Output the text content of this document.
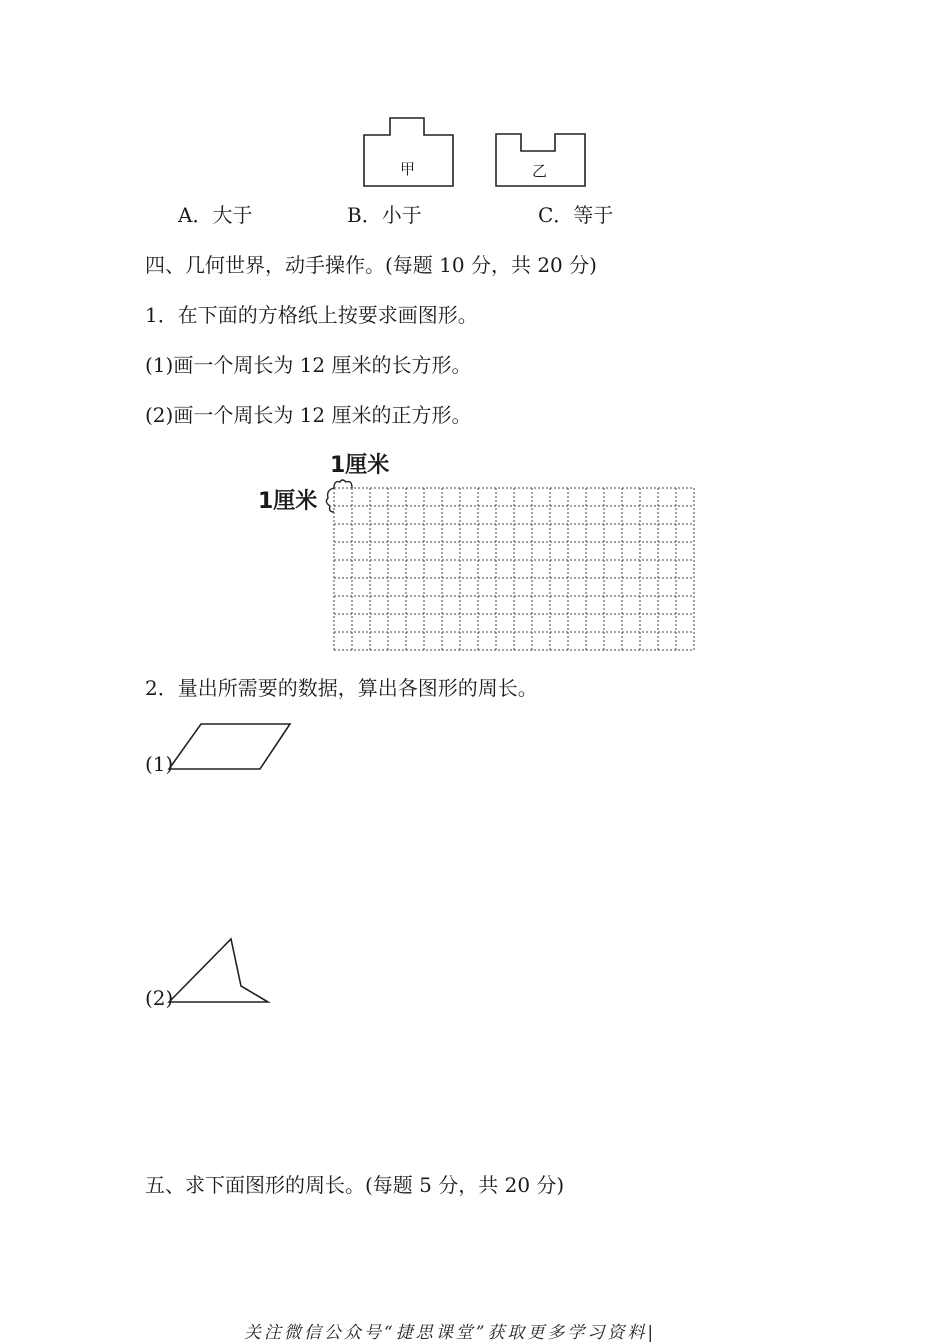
甲	乙
A．大于	B．小于	C．等于
四、几何世界，动手操作。(每题 10 分，共 20 分)
1．在下面的方格纸上按要求画图形。
(1)画一个周长为 12 厘米的长方形。
(2)画一个周长为 12 厘米的正方形。
1厘米
1厘米
2．量出所需要的数据，算出各图形的周长。
(1)
(2)
五、求下面图形的周长。(每题 5 分，共 20 分)
关注微信公众号“捷思课堂”获取更多学习资料|
